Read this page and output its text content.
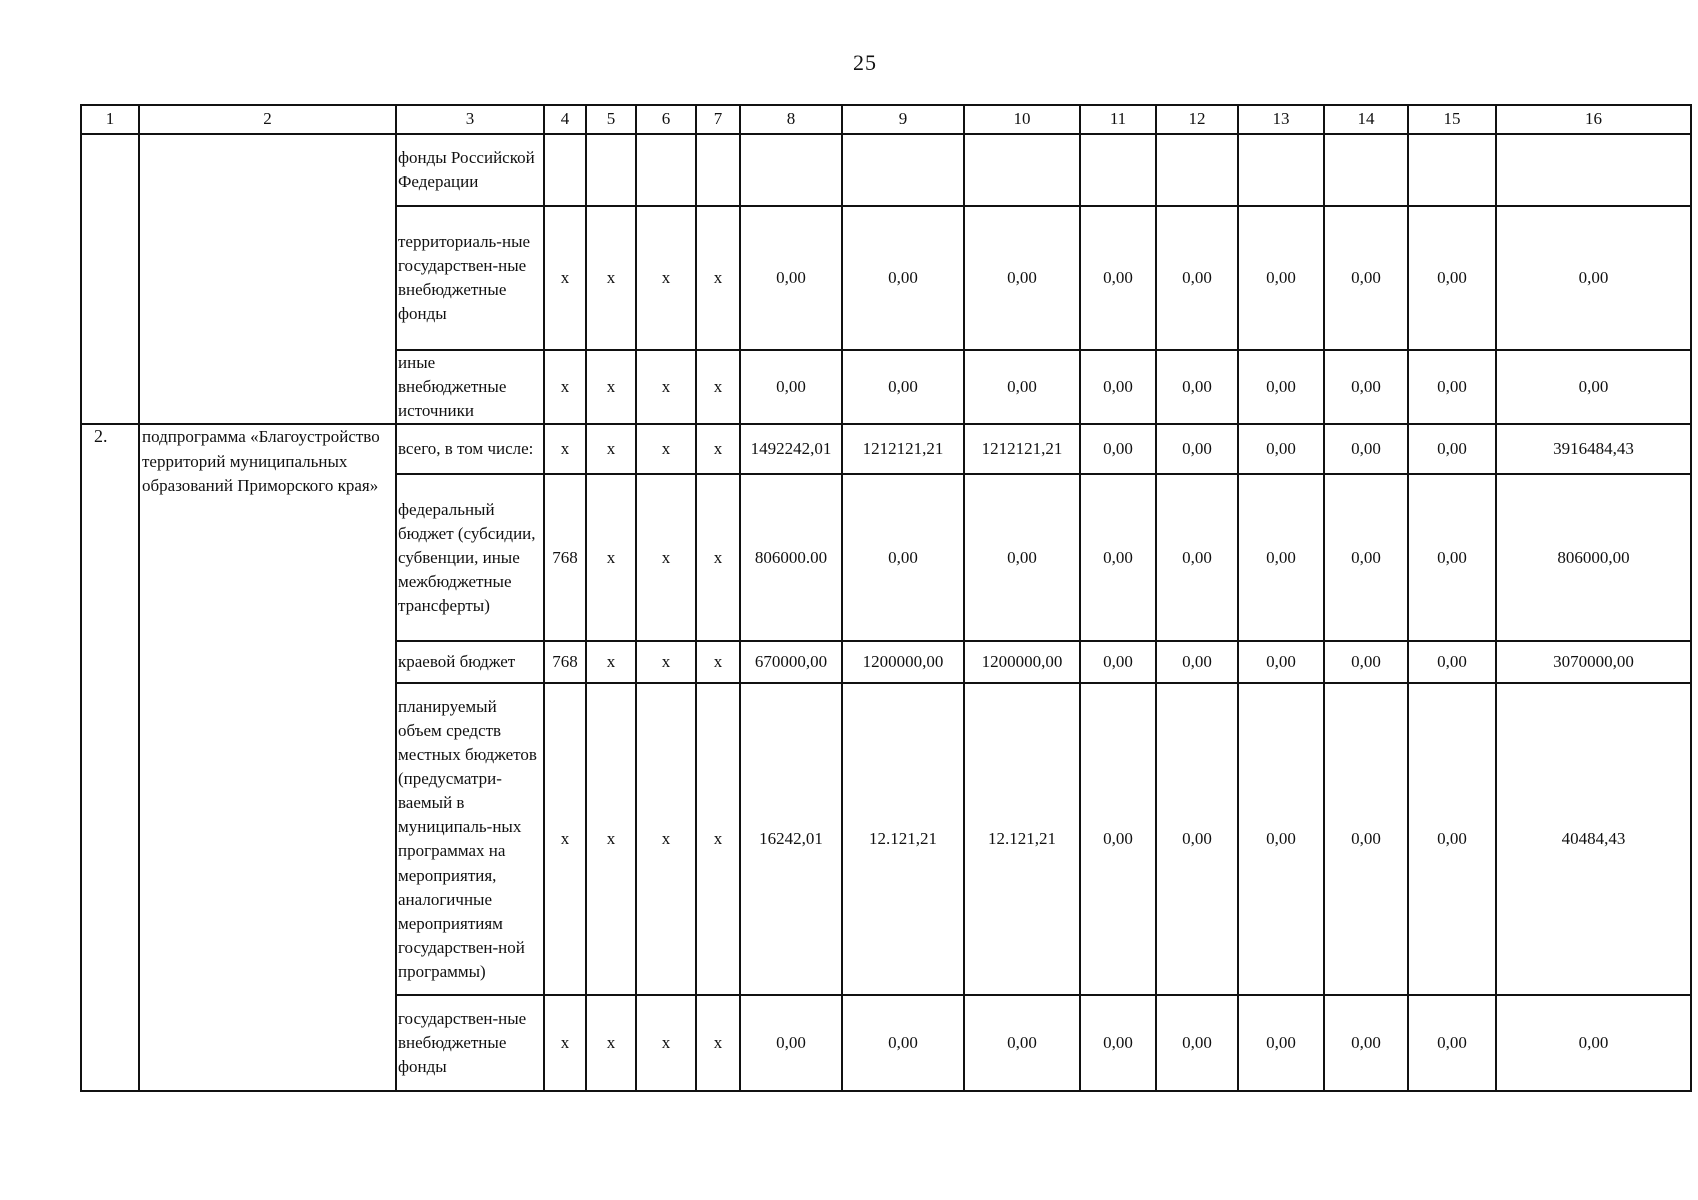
25
1	2	3	4	5	6	7	8	9	10	11	12	13	14	15	16
		фонды Российской Федерации													
		территориаль-ные государствен-ные внебюджетные фонды	x	x	x	x	0,00	0,00	0,00	0,00	0,00	0,00	0,00	0,00	0,00
		иные внебюджетные источники	x	x	x	x	0,00	0,00	0,00	0,00	0,00	0,00	0,00	0,00	0,00
2.	подпрограмма «Благоустройство территорий муниципальных образований Приморского края»	всего, в том числе:	x	x	x	x	1492242,01	1212121,21	1212121,21	0,00	0,00	0,00	0,00	0,00	3916484,43
		федеральный бюджет (субсидии, субвенции, иные межбюджетные трансферты)	768	x	x	x	806000.00	0,00	0,00	0,00	0,00	0,00	0,00	0,00	806000,00
		краевой бюджет	768	x	x	x	670000,00	1200000,00	1200000,00	0,00	0,00	0,00	0,00	0,00	3070000,00
		планируемый объем средств местных бюджетов (предусматри-ваемый в муниципаль-ных программах на мероприятия, аналогичные мероприятиям государствен-ной программы)	x	x	x	x	16242,01	12.121,21	12.121,21	0,00	0,00	0,00	0,00	0,00	40484,43
		государствен-ные внебюджетные фонды	x	x	x	x	0,00	0,00	0,00	0,00	0,00	0,00	0,00	0,00	0,00
